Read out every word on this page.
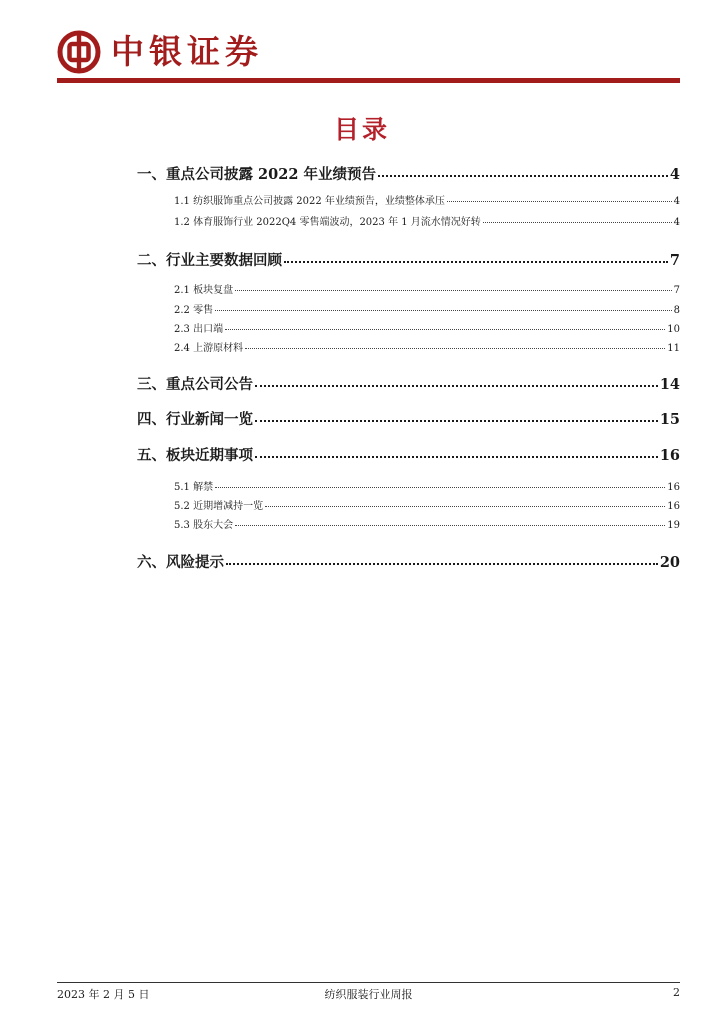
中银证券
目录
一、重点公司披露 2022 年业绩预告	4
1.1 纺织服饰重点公司披露 2022 年业绩预告，业绩整体承压	4
1.2 体育服饰行业 2022Q4 零售端波动，2023 年 1 月流水情况好转	4
二、行业主要数据回顾	7
2.1 板块复盘	7
2.2 零售	8
2.3 出口端	10
2.4 上游原材料	11
三、重点公司公告	14
四、行业新闻一览	15
五、板块近期事项	16
5.1 解禁	16
5.2 近期增减持一览	16
5.3 股东大会	19
六、风险提示	20
2023 年 2 月 5 日	纺织服装行业周报	2
